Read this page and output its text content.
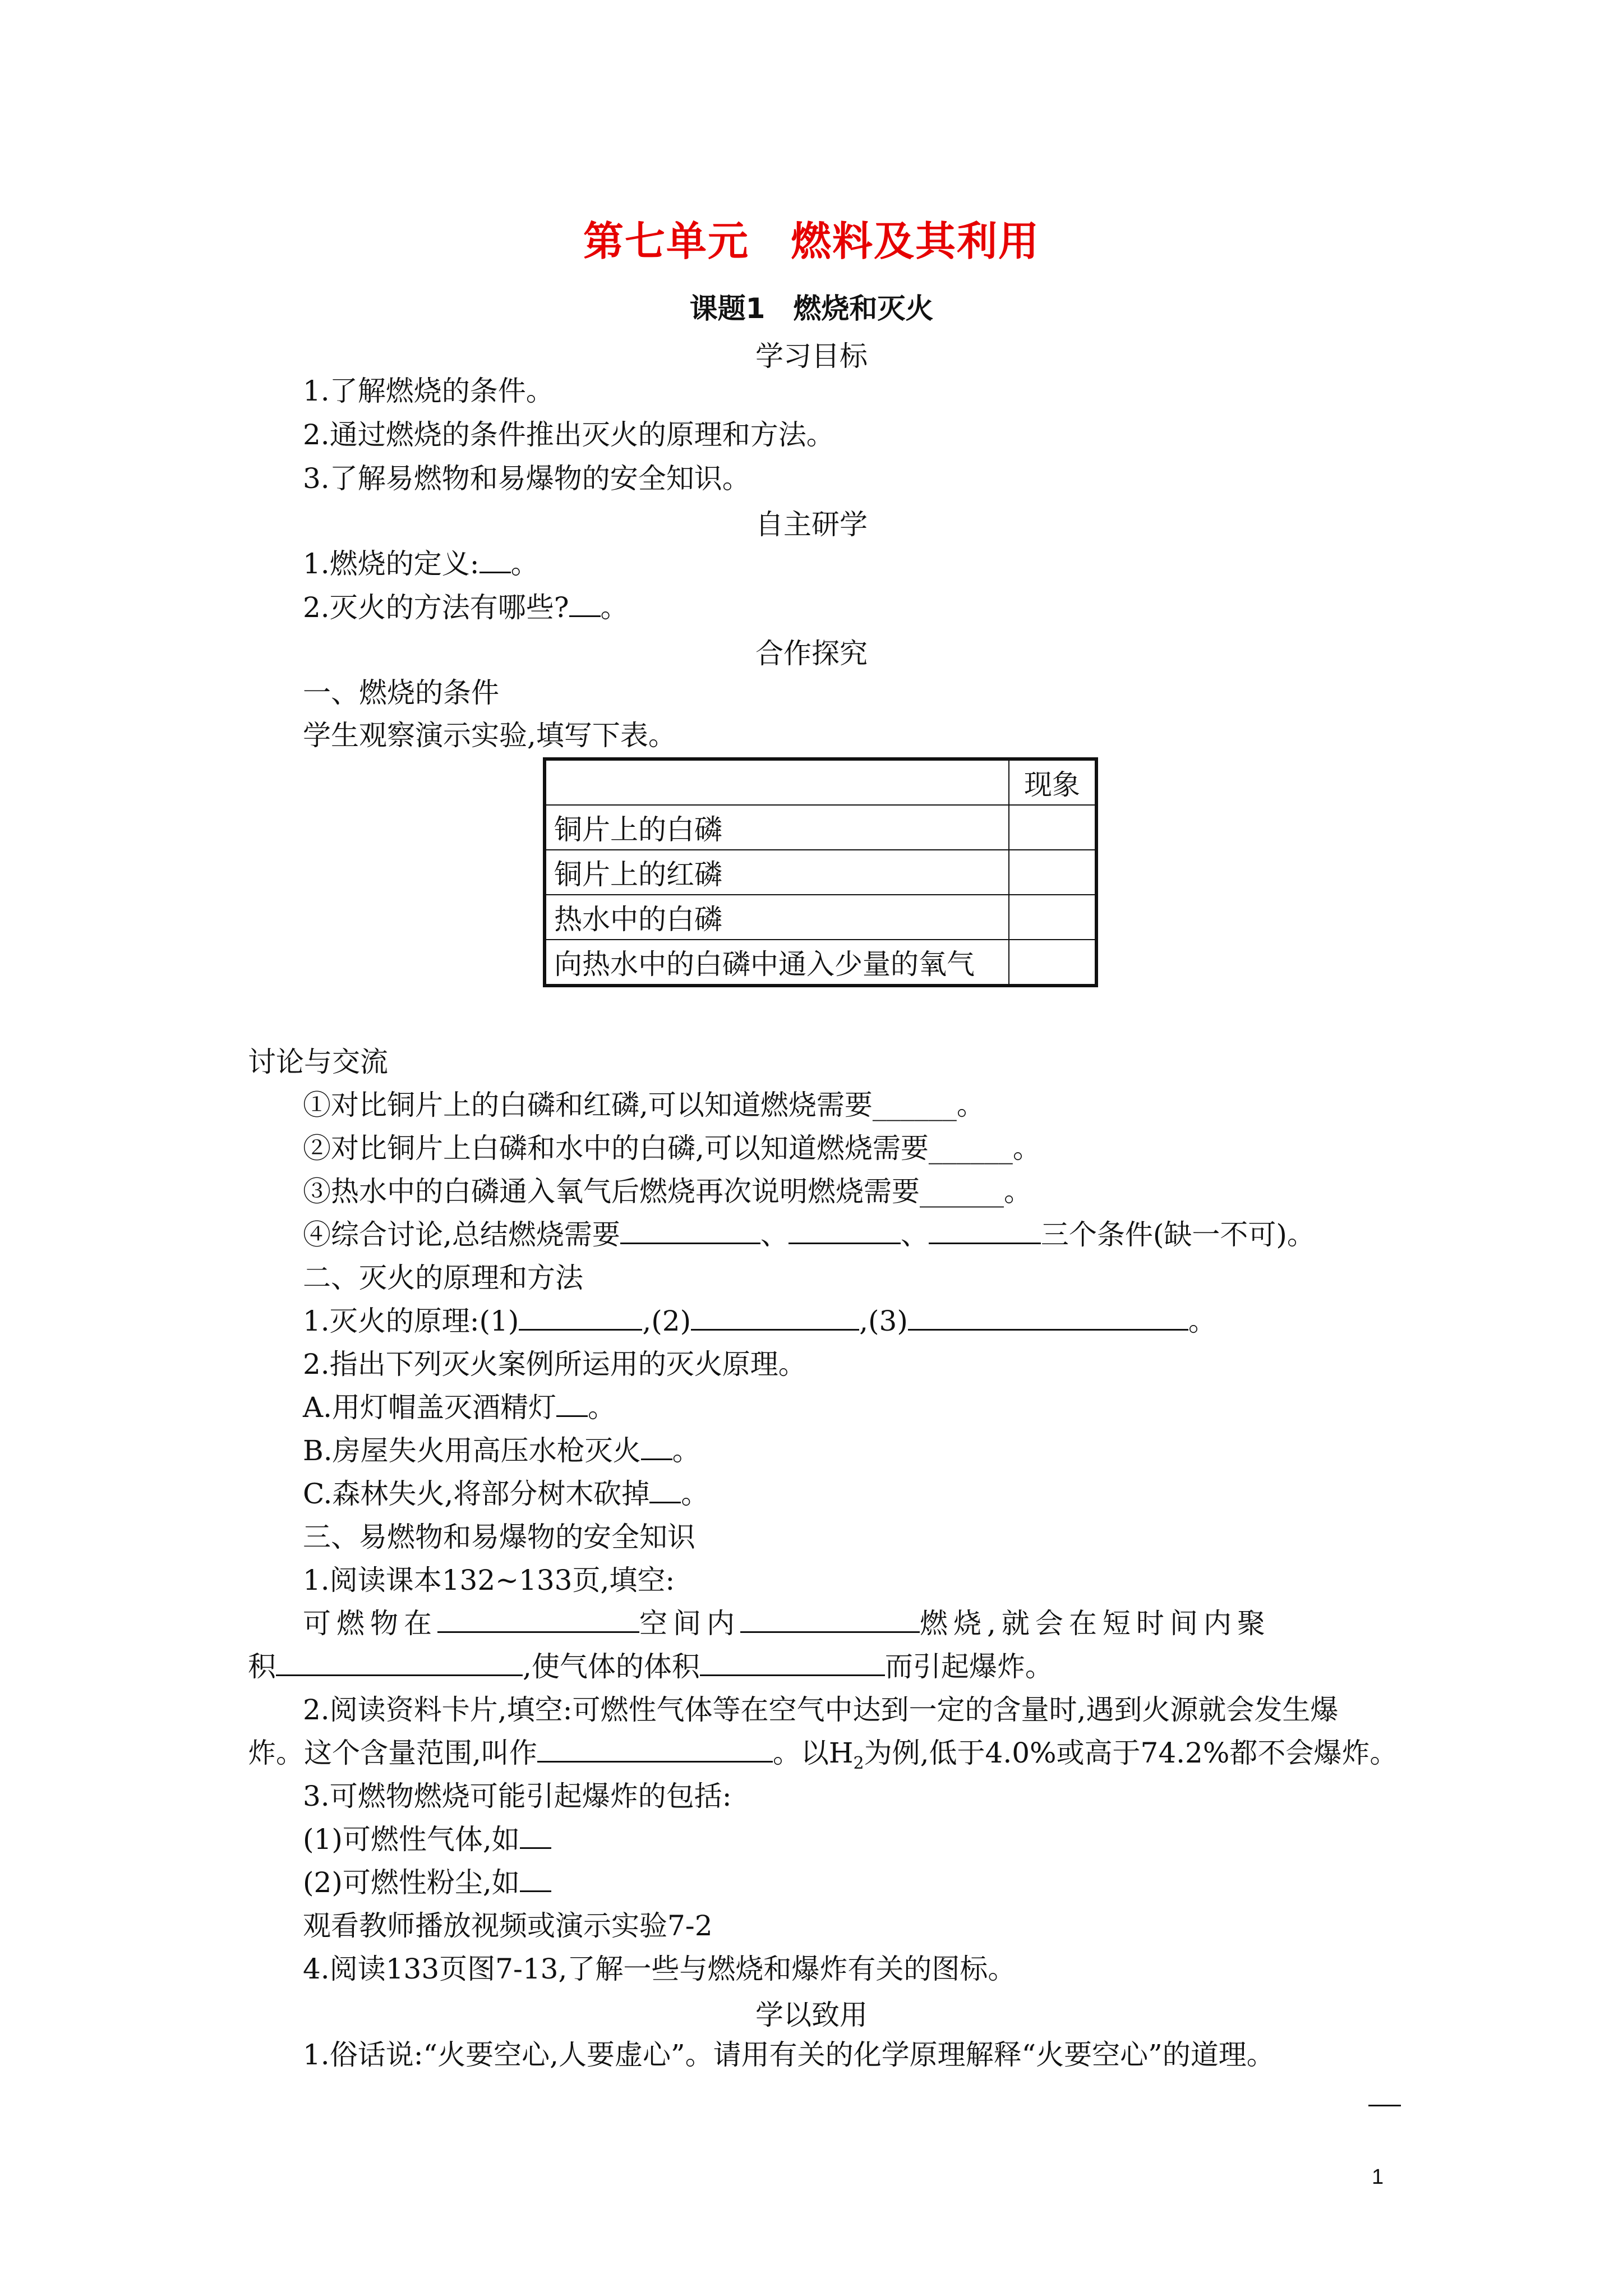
第七单元　燃料及其利用
课题1　燃烧和灭火
学习目标
1.了解燃烧的条件。
2.通过燃烧的条件推出灭火的原理和方法。
3.了解易燃物和易爆物的安全知识。
自主研学
1.燃烧的定义: 。
2.灭火的方法有哪些? 。
合作探究
一、燃烧的条件
学生观察演示实验,填写下表。
	现象
铜片上的白磷	
铜片上的红磷	
热水中的白磷	
向热水中的白磷中通入少量的氧气	
讨论与交流
①对比铜片上的白磷和红磷,可以知道燃烧需要______。
②对比铜片上白磷和水中的白磷,可以知道燃烧需要______。
③热水中的白磷通入氧气后燃烧再次说明燃烧需要______。
④综合讨论,总结燃烧需要	、	、	三个条件(缺一不可)。
二、灭火的原理和方法
1.灭火的原理:(1)	,(2)	,(3)	。
2.指出下列灭火案例所运用的灭火原理。
A.用灯帽盖灭酒精灯 。
B.房屋失火用高压水枪灭火 。
C.森林失火,将部分树木砍掉 。
三、易燃物和易爆物的安全知识
1.阅读课本132~133页,填空:
可燃物在	空间内	燃烧,就会在短时间内聚
积	,使气体的体积	而引起爆炸。
2.阅读资料卡片,填空:可燃性气体等在空气中达到一定的含量时,遇到火源就会发生爆
炸。这个含量范围,叫作	。以$H_2$为例,低于4.0%或高于74.2%都不会爆炸。
3.可燃物燃烧可能引起爆炸的包括:
(1)可燃性气体,如
(2)可燃性粉尘,如
观看教师播放视频或演示实验7-2
4.阅读133页图7-13,了解一些与燃烧和爆炸有关的图标。
学以致用
1.俗话说:“火要空心,人要虚心”。请用有关的化学原理解释“火要空心”的道理。
1
